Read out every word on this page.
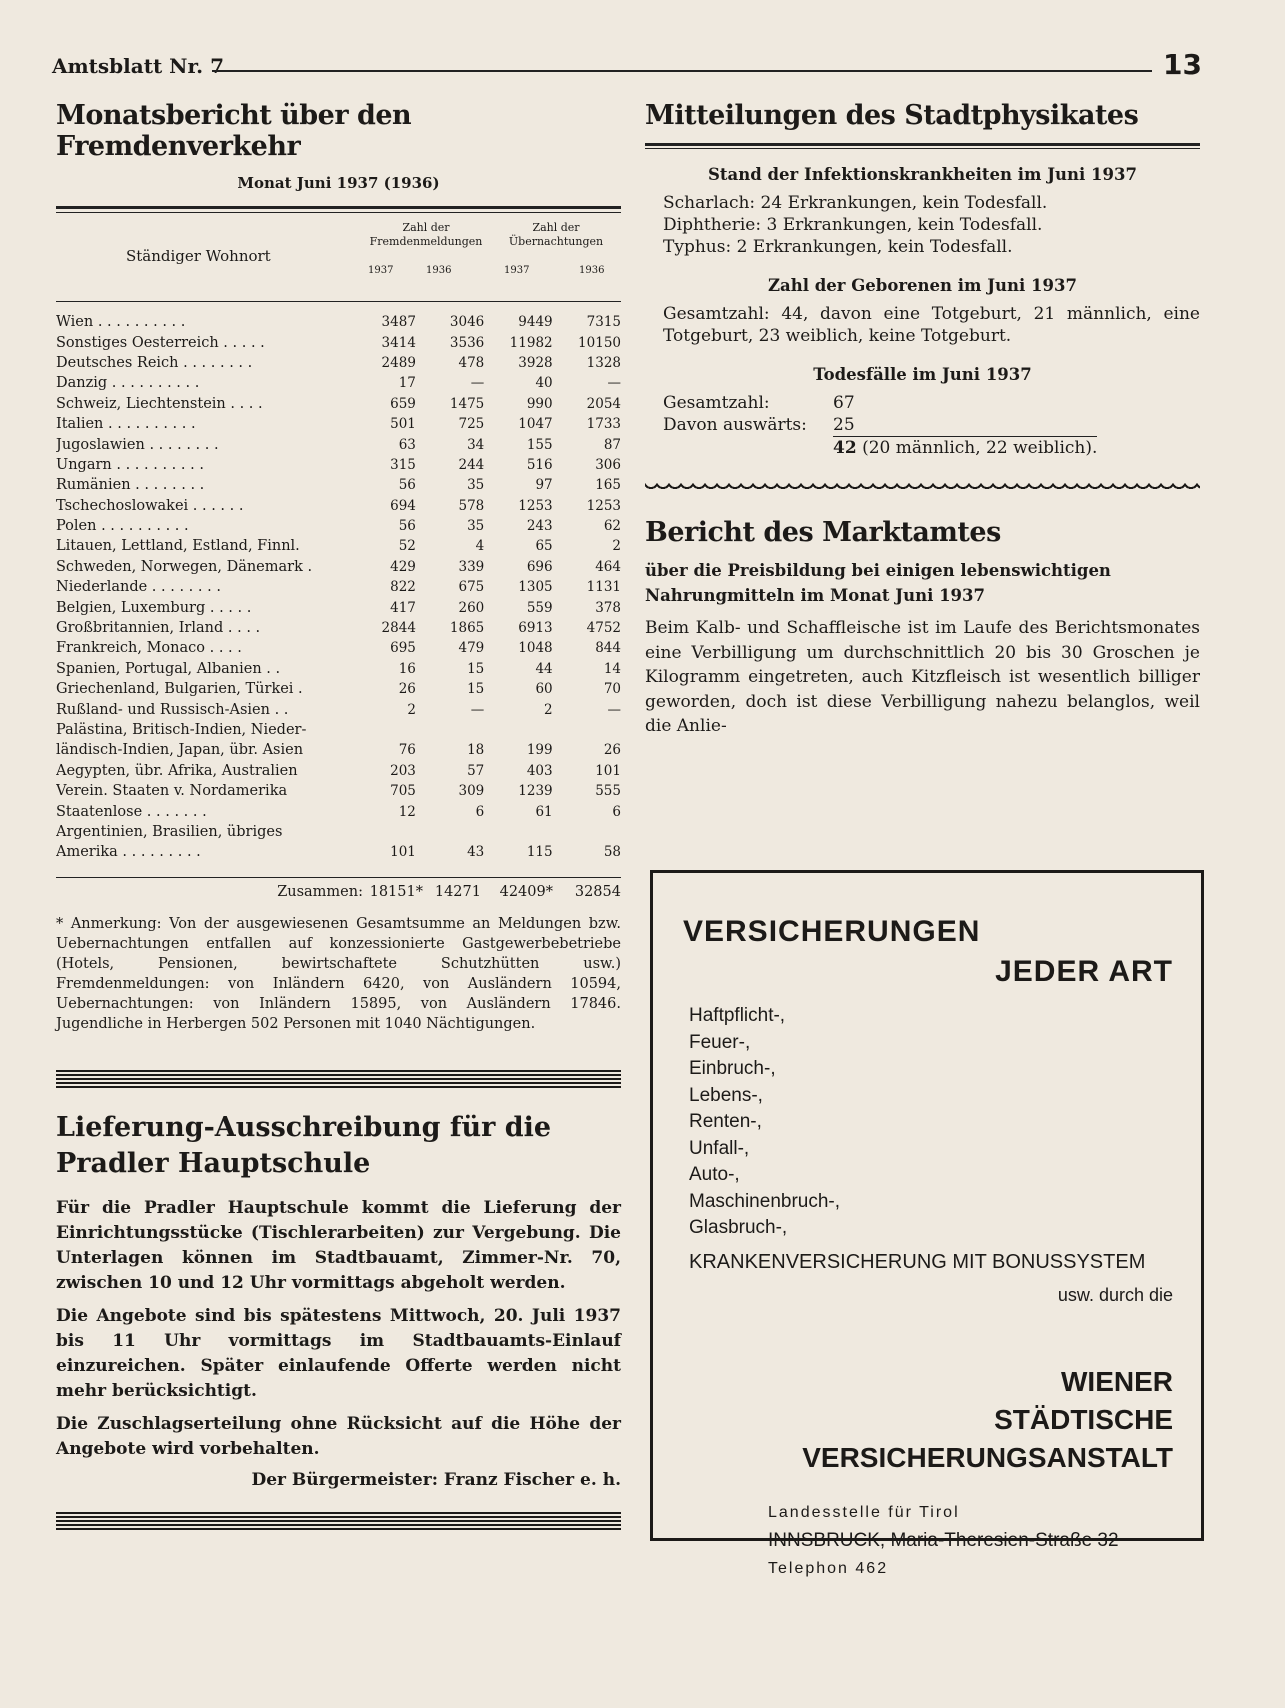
Amtsblatt Nr. 7	13
Monatsbericht über den Fremdenverkehr
Monat Juni 1937 (1936)
Ständiger Wohnort
Zahl der Fremdenmeldungen
Zahl der Übernachtungen
1937	1936	1937	1936
Wien . . . . . . . . . .	3487	3046	9449	7315
Sonstiges Oesterreich . . . . .	3414	3536	11982	10150
Deutsches Reich . . . . . . . .	2489	478	3928	1328
Danzig . . . . . . . . . .	17	—	40	—
Schweiz, Liechtenstein . . . .	659	1475	990	2054
Italien . . . . . . . . . .	501	725	1047	1733
Jugoslawien . . . . . . . .	63	34	155	87
Ungarn . . . . . . . . . .	315	244	516	306
Rumänien . . . . . . . .	56	35	97	165
Tschechoslowakei . . . . . .	694	578	1253	1253
Polen . . . . . . . . . .	56	35	243	62
Litauen, Lettland, Estland, Finnl.	52	4	65	2
Schweden, Norwegen, Dänemark .	429	339	696	464
Niederlande . . . . . . . .	822	675	1305	1131
Belgien, Luxemburg . . . . .	417	260	559	378
Großbritannien, Irland . . . .	2844	1865	6913	4752
Frankreich, Monaco . . . .	695	479	1048	844
Spanien, Portugal, Albanien . .	16	15	44	14
Griechenland, Bulgarien, Türkei .	26	15	60	70
Rußland- und Russisch-Asien . .	2	—	2	—
Palästina, Britisch-Indien, Nieder-				
ländisch-Indien, Japan, übr. Asien	76	18	199	26
Aegypten, übr. Afrika, Australien	203	57	403	101
Verein. Staaten v. Nordamerika	705	309	1239	555
Staatenlose . . . . . . .	12	6	61	6
Argentinien, Brasilien, übriges				
Amerika . . . . . . . . .	101	43	115	58
Zusammen: 18151* 14271	42409*	32854
* Anmerkung: Von der ausgewiesenen Gesamtsumme an Meldungen bzw. Uebernachtungen entfallen auf konzessionierte Gastgewerbebetriebe (Hotels, Pensionen, bewirtschaftete Schutzhütten usw.) Fremdenmeldungen: von Inländern 6420, von Ausländern 10594, Uebernachtungen: von Inländern 15895, von Ausländern 17846. Jugendliche in Herbergen 502 Personen mit 1040 Nächtigungen.
Lieferung-Ausschreibung für die Pradler Hauptschule

Für die Pradler Hauptschule kommt die Lieferung der Einrichtungsstücke (Tischlerarbeiten) zur Vergebung. Die Unterlagen können im Stadtbauamt, Zimmer-Nr. 70, zwischen 10 und 12 Uhr vormittags abgeholt werden.

Die Angebote sind bis spätestens Mittwoch, 20. Juli 1937 bis 11 Uhr vormittags im Stadtbauamts-Einlauf einzureichen. Später einlaufende Offerte werden nicht mehr berücksichtigt.

Die Zuschlagserteilung ohne Rücksicht auf die Höhe der Angebote wird vorbehalten.

Der Bürgermeister: Franz Fischer e. h.
Mitteilungen des Stadtphysikates
Stand der Infektionskrankheiten im Juni 1937
Scharlach: 24 Erkrankungen, kein Todesfall.
Diphtherie: 3 Erkrankungen, kein Todesfall.
Typhus: 2 Erkrankungen, kein Todesfall.
Zahl der Geborenen im Juni 1937
Gesamtzahl: 44, davon eine Totgeburt, 21 männlich, eine Totgeburt, 23 weiblich, keine Totgeburt.
Todesfälle im Juni 1937
Gesamtzahl:	67
Davon auswärts:	25
	42 (20 männlich, 22 weiblich).
Bericht des Marktamtes
über die Preisbildung bei einigen lebenswichtigen Nahrungmitteln im Monat Juni 1937
Beim Kalb- und Schaffleische ist im Laufe des Berichtsmonates eine Verbilligung um durchschnittlich 20 bis 30 Groschen je Kilogramm eingetreten, auch Kitzfleisch ist wesentlich billiger geworden, doch ist diese Verbilligung nahezu belanglos, weil die Anlie-
VERSICHERUNGEN
JEDER ART
Haftpflicht-,
Feuer-,
Einbruch-,
Lebens-,
Renten-,
Unfall-,
Auto-,
Maschinenbruch-,
Glasbruch-,
KRANKENVERSICHERUNG MIT BONUSSYSTEM
usw. durch die
WIENER
STÄDTISCHE
VERSICHERUNGSANSTALT
Landesstelle für Tirol
INNSBRUCK, Maria-Theresien-Straße 32
Telephon 462
